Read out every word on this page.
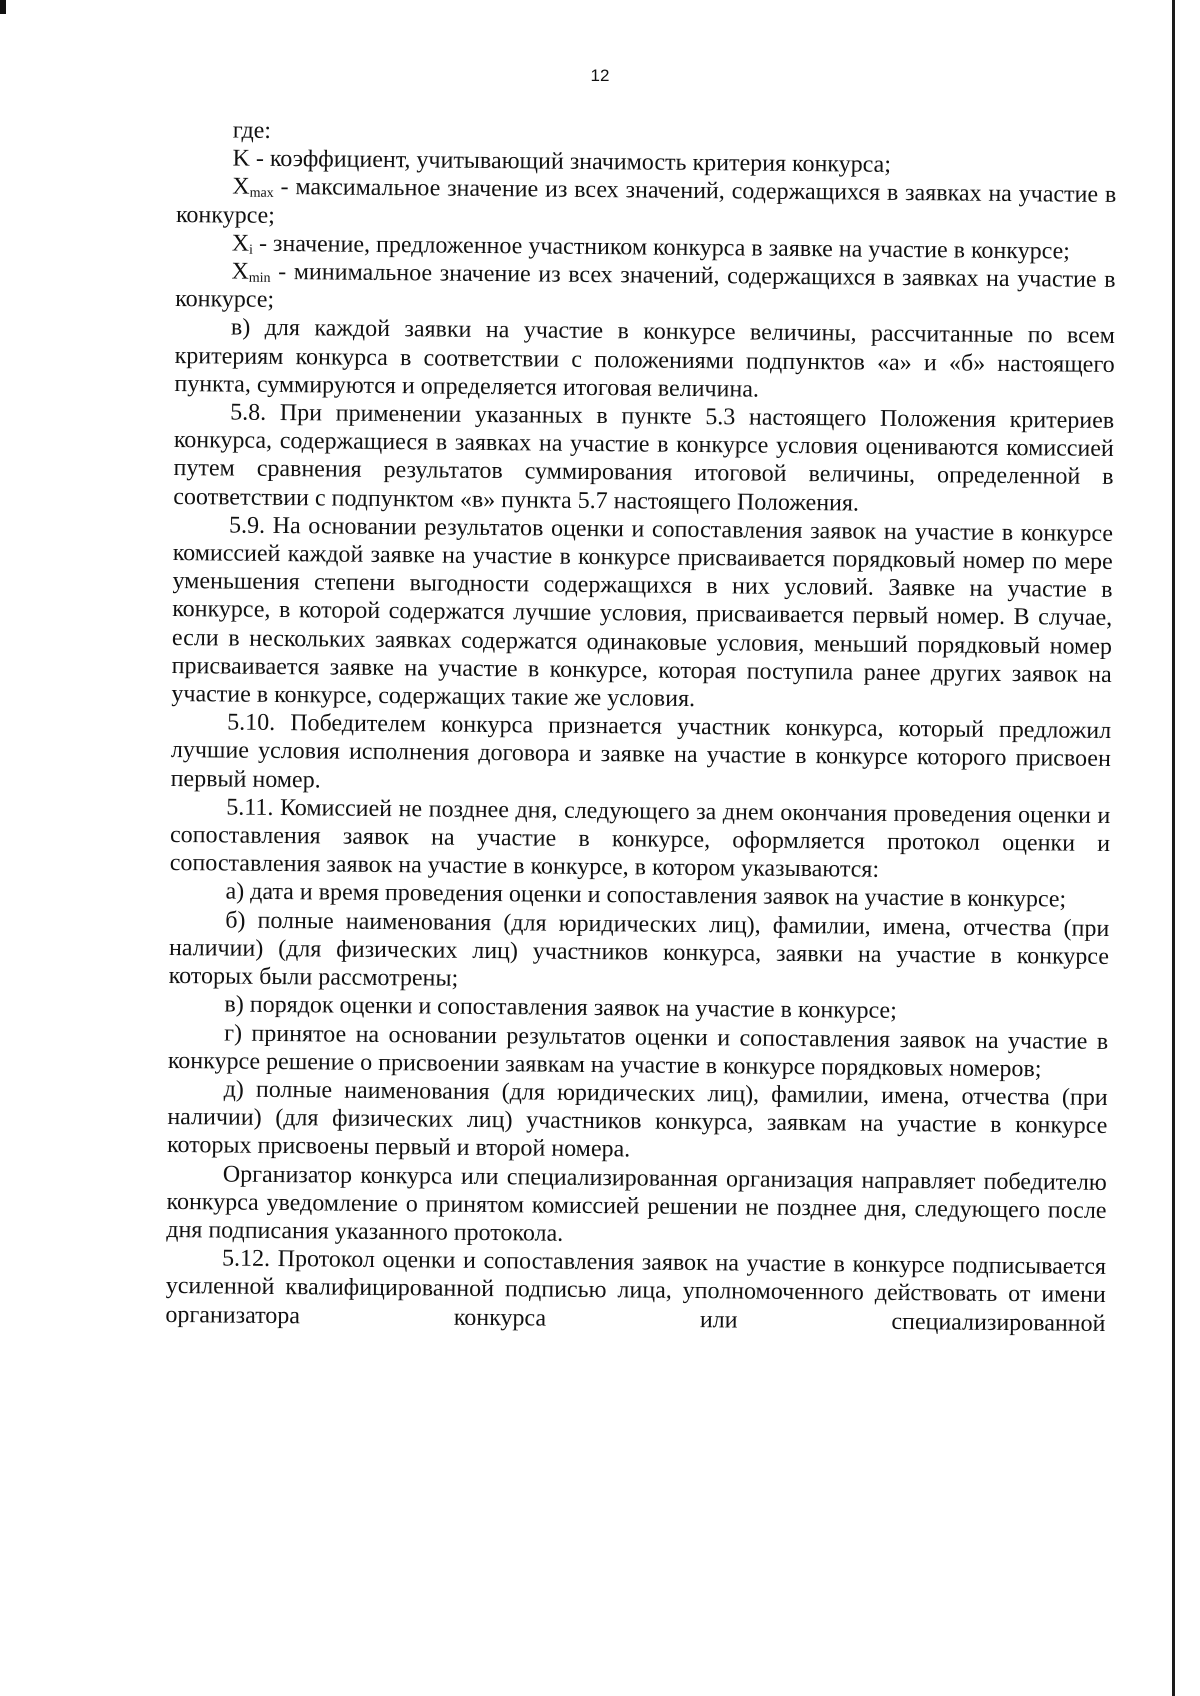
12

где:

K - коэффициент, учитывающий значимость критерия конкурса;

$X_{max}$ - максимальное значение из всех значений, содержащихся в заявках на участие в конкурсе;

$X_i$ - значение, предложенное участником конкурса в заявке на участие в конкурсе;

$X_{min}$ - минимальное значение из всех значений, содержащихся в заявках на участие в конкурсе;

в) для каждой заявки на участие в конкурсе величины, рассчитанные по всем критериям конкурса в соответствии с положениями подпунктов «а» и «б» настоящего пункта, суммируются и определяется итоговая величина.

5.8. При применении указанных в пункте 5.3 настоящего Положения критериев конкурса, содержащиеся в заявках на участие в конкурсе условия оцениваются комиссией путем сравнения результатов суммирования итоговой величины, определенной в соответствии с подпунктом «в» пункта 5.7 настоящего Положения.

5.9. На основании результатов оценки и сопоставления заявок на участие в конкурсе комиссией каждой заявке на участие в конкурсе присваивается порядковый номер по мере уменьшения степени выгодности содержащихся в них условий. Заявке на участие в конкурсе, в которой содержатся лучшие условия, присваивается первый номер. В случае, если в нескольких заявках содержатся одинаковые условия, меньший порядковый номер присваивается заявке на участие в конкурсе, которая поступила ранее других заявок на участие в конкурсе, содержащих такие же условия.

5.10. Победителем конкурса признается участник конкурса, который предложил лучшие условия исполнения договора и заявке на участие в конкурсе которого присвоен первый номер.

5.11. Комиссией не позднее дня, следующего за днем окончания проведения оценки и сопоставления заявок на участие в конкурсе, оформляется протокол оценки и сопоставления заявок на участие в конкурсе, в котором указываются:

а) дата и время проведения оценки и сопоставления заявок на участие в конкурсе;

б) полные наименования (для юридических лиц), фамилии, имена, отчества (при наличии) (для физических лиц) участников конкурса, заявки на участие в конкурсе которых были рассмотрены;

в) порядок оценки и сопоставления заявок на участие в конкурсе;

г) принятое на основании результатов оценки и сопоставления заявок на участие в конкурсе решение о присвоении заявкам на участие в конкурсе порядковых номеров;

д) полные наименования (для юридических лиц), фамилии, имена, отчества (при наличии) (для физических лиц) участников конкурса, заявкам на участие в конкурсе которых присвоены первый и второй номера.

Организатор конкурса или специализированная организация направляет победителю конкурса уведомление о принятом комиссией решении не позднее дня, следующего после дня подписания указанного протокола.

5.12. Протокол оценки и сопоставления заявок на участие в конкурсе подписывается усиленной квалифицированной подписью лица, уполномоченного действовать от имени организатора конкурса или специализированной
